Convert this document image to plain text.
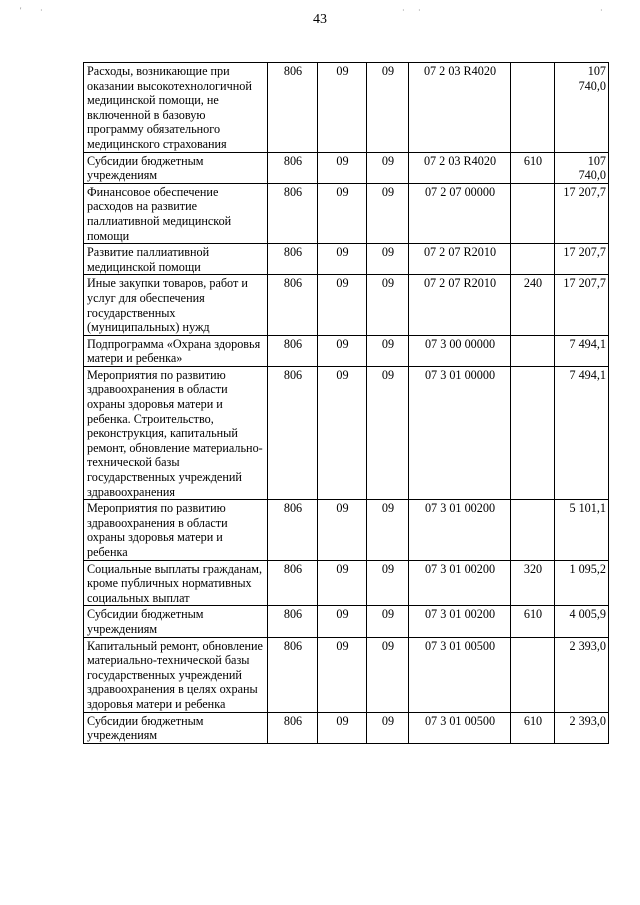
' ·	· ·	·
43
Расходы, возникающие при оказании высокотехнологичной медицинской помощи, не включенной в базовую программу обязательного медицинского страхования	806	09	09	07 2 03 R4020		107 740,0
Субсидии бюджетным учреждениям	806	09	09	07 2 03 R4020	610	107 740,0
Финансовое обеспечение расходов на развитие паллиативной медицинской помощи	806	09	09	07 2 07 00000		17 207,7
Развитие паллиативной медицинской помощи	806	09	09	07 2 07 R2010		17 207,7
Иные закупки товаров, работ и услуг для обеспечения государственных (муниципальных) нужд	806	09	09	07 2 07 R2010	240	17 207,7
Подпрограмма «Охрана здоровья матери и ребенка»	806	09	09	07 3 00 00000		7 494,1
Мероприятия по развитию здравоохранения в области охраны здоровья матери и ребенка. Строительство, реконструкция, капитальный ремонт, обновление материально-технической базы государственных учреждений здравоохранения	806	09	09	07 3 01 00000		7 494,1
Мероприятия по развитию здравоохранения в области охраны здоровья матери и ребенка	806	09	09	07 3 01 00200		5 101,1
Социальные выплаты гражданам, кроме публичных нормативных социальных выплат	806	09	09	07 3 01 00200	320	1 095,2
Субсидии бюджетным учреждениям	806	09	09	07 3 01 00200	610	4 005,9
Капитальный ремонт, обновление материально-технической базы государственных учреждений здравоохранения в целях охраны здоровья матери и ребенка	806	09	09	07 3 01 00500		2 393,0
Субсидии бюджетным учреждениям	806	09	09	07 3 01 00500	610	2 393,0
